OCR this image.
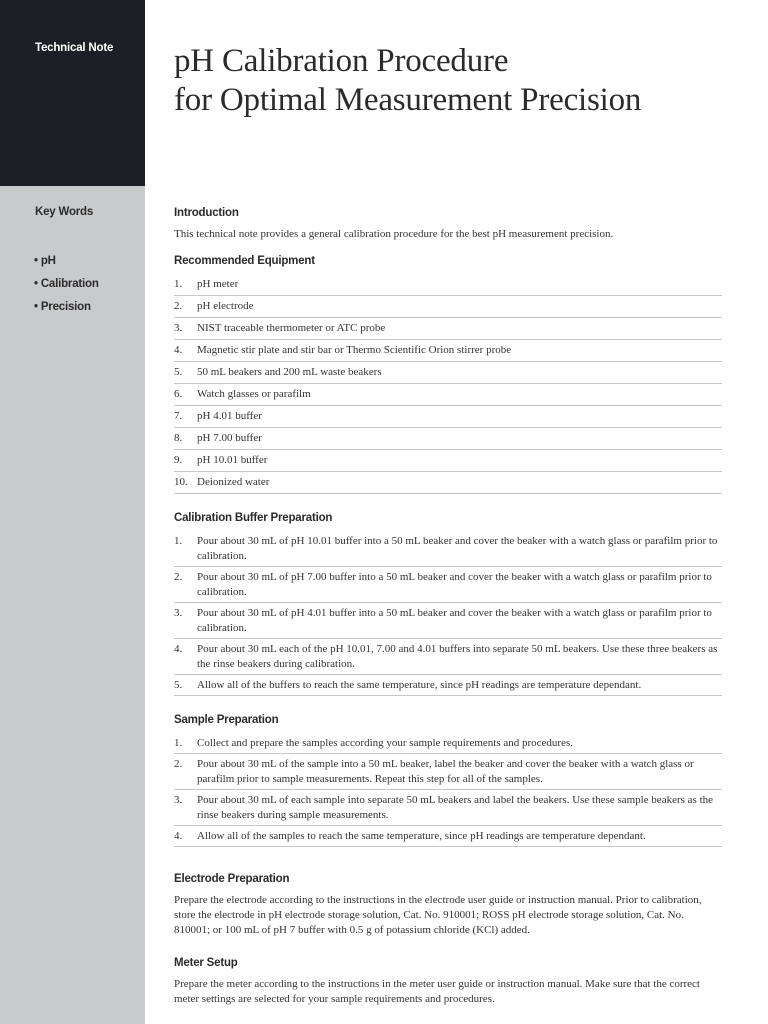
Technical Note
Key Words
• pH
• Calibration
• Precision
pH Calibration Procedure
for Optimal Measurement Precision
Introduction

This technical note provides a general calibration procedure for the best pH measurement precision.

Recommended Equipment
1.	pH meter
2.	pH electrode
3.	NIST traceable thermometer or ATC probe
4.	Magnetic stir plate and stir bar or Thermo Scientific Orion stirrer probe
5.	50 mL beakers and 200 mL waste beakers
6.	Watch glasses or parafilm
7.	pH 4.01 buffer
8.	pH 7.00 buffer
9.	pH 10.01 buffer
10. Deionized water
Calibration Buffer Preparation
1.	Pour about 30 mL of pH 10.01 buffer into a 50 mL beaker and cover the beaker with a watch glass or parafilm prior to calibration.
2.	Pour about 30 mL of pH 7.00 buffer into a 50 mL beaker and cover the beaker with a watch glass or parafilm prior to calibration.
3.	Pour about 30 mL of pH 4.01 buffer into a 50 mL beaker and cover the beaker with a watch glass or parafilm prior to calibration.
4.	Pour about 30 mL each of the pH 10.01, 7.00 and 4.01 buffers into separate 50 mL beakers. Use these three beakers as the rinse beakers during calibration.
5.	Allow all of the buffers to reach the same temperature, since pH readings are temperature dependant.
Sample Preparation
1.	Collect and prepare the samples according your sample requirements and procedures.
2.	Pour about 30 mL of the sample into a 50 mL beaker, label the beaker and cover the beaker with a watch glass or parafilm prior to sample measurements. Repeat this step for all of the samples.
3.	Pour about 30 mL of each sample into separate 50 mL beakers and label the beakers. Use these sample beakers as the rinse beakers during sample measurements.
4.	Allow all of the samples to reach the same temperature, since pH readings are temperature dependant.
Electrode Preparation

Prepare the electrode according to the instructions in the electrode user guide or instruction manual. Prior to calibration, store the electrode in pH electrode storage solution, Cat. No. 910001; ROSS pH electrode storage solution, Cat. No. 810001; or 100 mL of pH 7 buffer with 0.5 g of potassium chloride (KCl) added.

Meter Setup

Prepare the meter according to the instructions in the meter user guide or instruction manual. Make sure that the correct meter settings are selected for your sample requirements and procedures.
